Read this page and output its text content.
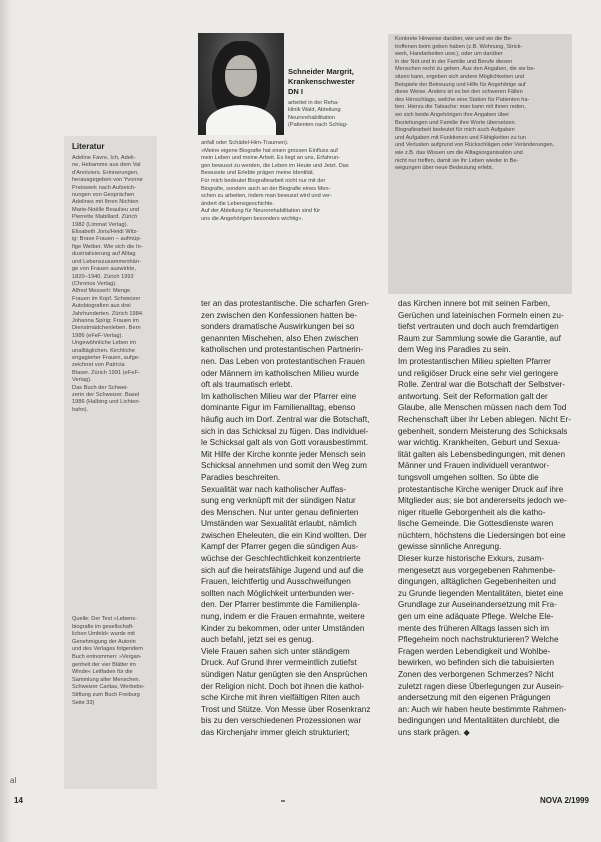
Literatur
Adeline Favre, Ich, Adeli-
ne, Hebamme aus dem Val
d'Anniviers. Erinnerungen,
herausgegeben von Yvonne
Preiswerk nach Aufzeich-
nungen von Gesprächen
Adelines mit Ihren Nichten
Marie-Noëlle Beaulieu und
Pierrette Mabillard. Zürich
1982 (Limmat Verlag).
Elisabeth Joris/Heidi Witz-
ig: Brave Frauen – aufmüp-
fige Weiber. Wie sich die In-
dustrialisierung auf Alltag
und Lebenszusammenhän-
ge von Frauen auswirkte,
1820–1940. Zürich 1992
(Chronos Verlag).
Alfred Messerli: Menge
Frauen im Kopf. Schweizer
Autobiografien aus drei
Jahrhunderten. Zürich 1984.
Johanna Spirig: Frauen im
Dienstmädchenleben. Bern
1986 (eFeF-Verlag).
Ungewöhnliche Leben im
unalltäglichen. Kirchliche
engagierter Frauen, aufge-
zeichnet von Patricia
Blaser. Zürich 1991 (eFeF-
Verlag).
Das Buch der Schwei-
zerin der Schweizer. Basel
1986 (Halbing und Lichten-
hahn).
Quelle: Der Text »Lebens-
biografie im gesellschaft-
lichen Umfeld« wurde mit
Genehmigung der Autorin
und des Verlages folgendem
Buch entnommen: »Vergan-
genheit der vier Blätter im
Winde« Leitfaden für die
Sammlung alter Menschen.
Schweizer Caritas, Werbebo-
Stiftung zum Buch Freiburg
Seite 33)
Schneider Margrit,
Krankenschwester
DN I
arbeitet in der Reha-
klinik Wald, Abteilung
Neurorehabilitation
(Patienten nach Schlag-
anfall oder Schädel-Hirn-Traumen).
»Meine eigene Biografie hat einen grossen Einfluss auf
mein Leben und meine Arbeit. Es liegt an uns, Erfahrun-
gen bewusst zu werden, die Leben im Heute und Jetzt. Das
Bewusste und Erlebte prägen meine Identität.
Für mich bedeutet Biografiearbeit nicht nur mit der
Biografie, sondern auch an der Biografie eines Men-
schen zu arbeiten, indem man bewusst wird und ver-
ändert die Lebensgeschichte.
Auf der Abteilung für Neurorehabilitation sind für
uns die Angehörigen besonders wichtig«.
Konkrete Hinweise darüber, wie und wo die Be-
troffenen beim geben haben (z.B. Wohnung, Strick-
werk, Handarbeiten usw.), oder um darüber
in der Not und in der Familie und Berufe diesen
Menschen recht zu geben. Aus den Angaben, die sie be-
sitzen kann, ergeben sich andere Möglichkeiten und
Beispiele der Betreuung und Hilfe für Angehörige auf
diese Weise. Anders ist es bei den schweren Fällen
des Hirnschlags, welche eine Station für Patienten ha-
ben. Hierzu die Tatsache: man kann mit ihnen reden,
wo sich beide Angehörigen ihre Angaben über
Beziehungen und Familie ihre Worte übersetzen.
Biografiearbeit bedeutet für mich auch Aufgaben
und Aufgaben mit Funktionen und Fähigkeiten zu tun
und Verlusten aufgrund von Rückschlägen oder Veränderungen,
wie z.B. das Wissen um die Alltagsorganisation und
nicht nur treffen, damit sie ihr Leben wieder in Be-
wegungen über neue Bedeutung erlebt.
ter an das protestantische. Die scharfen Gren-
zen zwischen den Konfessionen hatten be-
sonders dramatische Auswirkungen bei so
genannten Mischehen, also Ehen zwischen
katholischen und protestantischen Partnerin-
nen. Das Leben von protestantischen Frauen
oder Männern im katholischen Milieu wurde
oft als traumatisch erlebt.
Im katholischen Milieu war der Pfarrer eine
dominante Figur im Familienalltag, ebenso
häufig auch im Dorf. Zentral war die Botschaft,
sich in das Schicksal zu fügen. Das individuel-
le Schicksal galt als von Gott vorausbestimmt.
Mit Hilfe der Kirche konnte jeder Mensch sein
Schicksal annehmen und somit den Weg zum
Paradies beschreiten.
Sexualität war nach katholischer Auffas-
sung eng verknüpft mit der sündigen Natur
des Menschen. Nur unter genau definierten
Umständen war Sexualität erlaubt, nämlich
zwischen Eheleuten, die ein Kind wollten. Der
Kampf der Pfarrer gegen die sündigen Aus-
wüchse der Geschlechtlichkeit konzentrierte
sich auf die heiratsfähige Jugend und auf die
Frauen, leichtfertig und Ausschweifungen
sollten nach Möglichkeit unterbunden wer-
den. Der Pfarrer bestimmte die Familienpla-
nung, indem er die Frauen ermahnte, weitere
Kinder zu bekommen, oder unter Umständen
auch befahl, jetzt sei es genug.
Viele Frauen sahen sich unter ständigem
Druck. Auf Grund ihrer vermeintlich zutiefst
sündigen Natur genügten sie den Ansprüchen
der Religion nicht. Doch bot ihnen die kathol-
sche Kirche mit ihren vielfältigen Riten auch
Trost und Stütze. Von Messe über Rosenkranz
bis zu den verschiedenen Prozessionen war
das Kirchenjahr immer gleich strukturiert;
das Kirchen innere bot mit seinen Farben,
Gerüchen und lateinischen Formeln einen zu-
tiefst vertrauten und doch auch fremdartigen
Raum zur Sammlung sowie die Garantie, auf
dem Weg ins Paradies zu sein.
Im protestantischen Milieu spielten Pfarrer
und religiöser Druck eine sehr viel geringere
Rolle. Zentral war die Botschaft der Selbstver-
antwortung. Seit der Reformation galt der
Glaube, alle Menschen müssen nach dem Tod
Rechenschaft über ihr Leben ablegen. Nicht Er-
gebenheit, sondern Meisterung des Schicksals
war wichtig. Krankheiten, Geburt und Sexua-
lität galten als Lebensbedingungen, mit denen
Männer und Frauen individuell verantwor-
tungsvoll umgehen sollten. So übte die
protestantische Kirche weniger Druck auf ihre
Mitglieder aus; sie bot andererseits jedoch we-
niger rituelle Geborgenheit als die katho-
lische Gemeinde. Die Gottesdienste waren
nüchtern, höchstens die Liedersingen bot eine
gewisse sinnliche Anregung.
Dieser kurze historische Exkurs, zusam-
mengesetzt aus vorgegebenen Rahmenbe-
dingungen, alltäglichen Gegebenheiten und
zu Grunde liegenden Mentalitäten, bietet eine
Grundlage zur Auseinandersetzung mit Fra-
gen um eine adäquate Pflege. Welche Ele-
mente des früheren Alltags lassen sich im
Pflegeheim noch nachstrukturieren? Welche
Fragen werden Lebendigkeit und Wohlbe-
bewirken, wo befinden sich die tabuisierten
Zonen des verborgenen Schmerzes? Nicht
zuletzt ragen diese Überlegungen zur Ausein-
andersetzung mit den eigenen Prägungen
an: Auch wir haben heute bestimmte Rahmen-
bedingungen und Mentalitäten durchlebt, die
uns stark prägen. ◆
al
14	NOVA 2/1999
